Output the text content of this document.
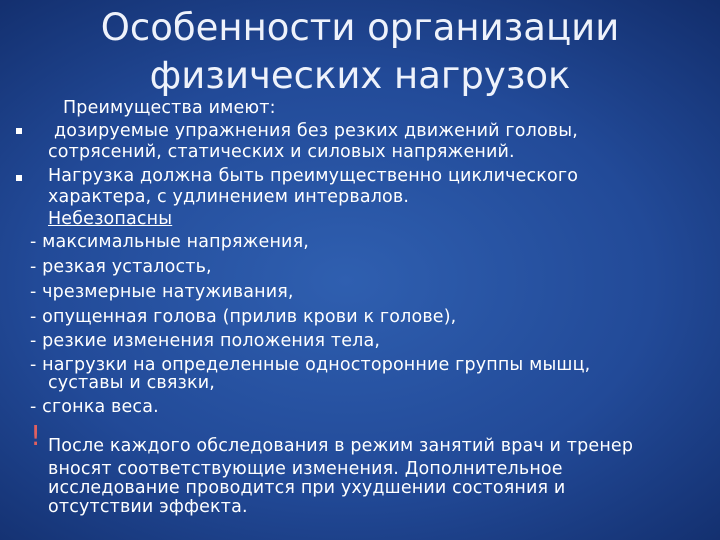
Особенности организации
физических нагрузок
Преимущества имеют:
дозируемые упражнения без резких движений головы,
сотрясений, статических и силовых напряжений.
Нагрузка должна быть преимущественно циклического
характера, с удлинением интервалов.
Небезопасны
- максимальные напряжения,
- резкая усталость,
- чрезмерные натуживания,
- опущенная голова (прилив крови к голове),
- резкие изменения положения тела,
- нагрузки на определенные односторонние группы мышц,
суставы и связки,
- сгонка веса.
! После каждого обследования в режим занятий врач и тренер
вносят соответствующие изменения. Дополнительное
исследование проводится при ухудшении состояния и
отсутствии эффекта.
